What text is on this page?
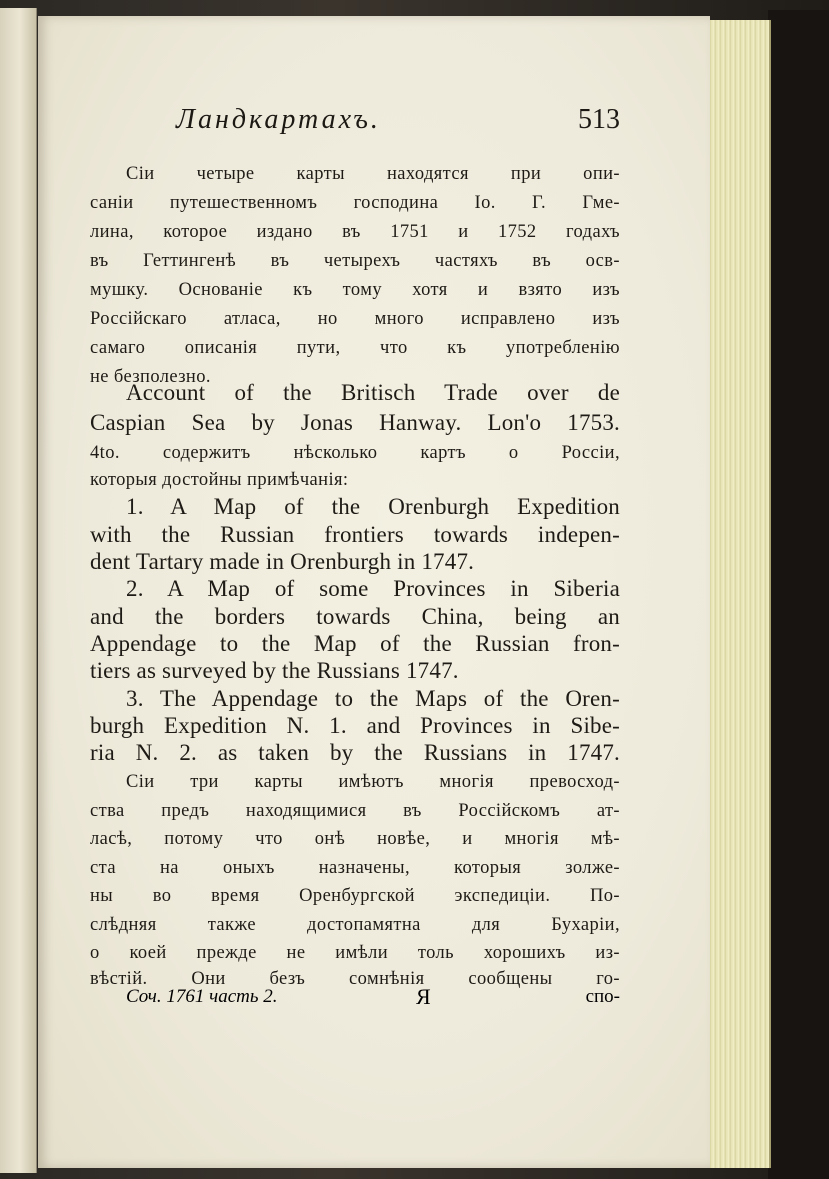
Ландкартахъ.	513
Сіи четыре карты находятся при опи-
саніи путешественномъ господина Іо. Г. Гме-
лина, которое издано въ 1751 и 1752 годахъ
въ Геттингенѣ въ четырехъ частяхъ въ осв-
мушку. Основаніе къ тому хотя и взято изъ
Россійскаго атласа, но много исправлено изъ
самаго описанія пути, что къ употребленію
не безполезно.
Account of the Britisch Trade over de
Caspian Sea by Jonas Hanway. Lon'o 1753.
4to. содержитъ нѣсколько картъ о Россіи,
которыя достойны примѣчанія:
1. A Map of the Orenburgh Expedition
with the Russian frontiers towards indepen-
dent Tartary made in Orenburgh in 1747.
2. A Map of some Provinces in Siberia
and the borders towards China, being an
Appendage to the Map of the Russian fron-
tiers as surveyed by the Russians 1747.
3. The Appendage to the Maps of the Oren-
burgh Expedition N. 1. and Provinces in Sibe-
ria N. 2. as taken by the Russians in 1747.
Сіи три карты имѣютъ многія превосход-
ства предъ находящимися въ Россійскомъ ат-
ласѣ, потому что онѣ новѣе, и многія мѣ-
ста на оныхъ назначены, которыя золже-
ны во время Оренбургской экспедиціи. По-
слѣдняя также достопамятна для Бухаріи,
о коей прежде не имѣли толь хорошихъ из-
вѣстій. Они безъ сомнѣнія сообщены го-
Соч. 1761 часть 2.	Я	спо-
